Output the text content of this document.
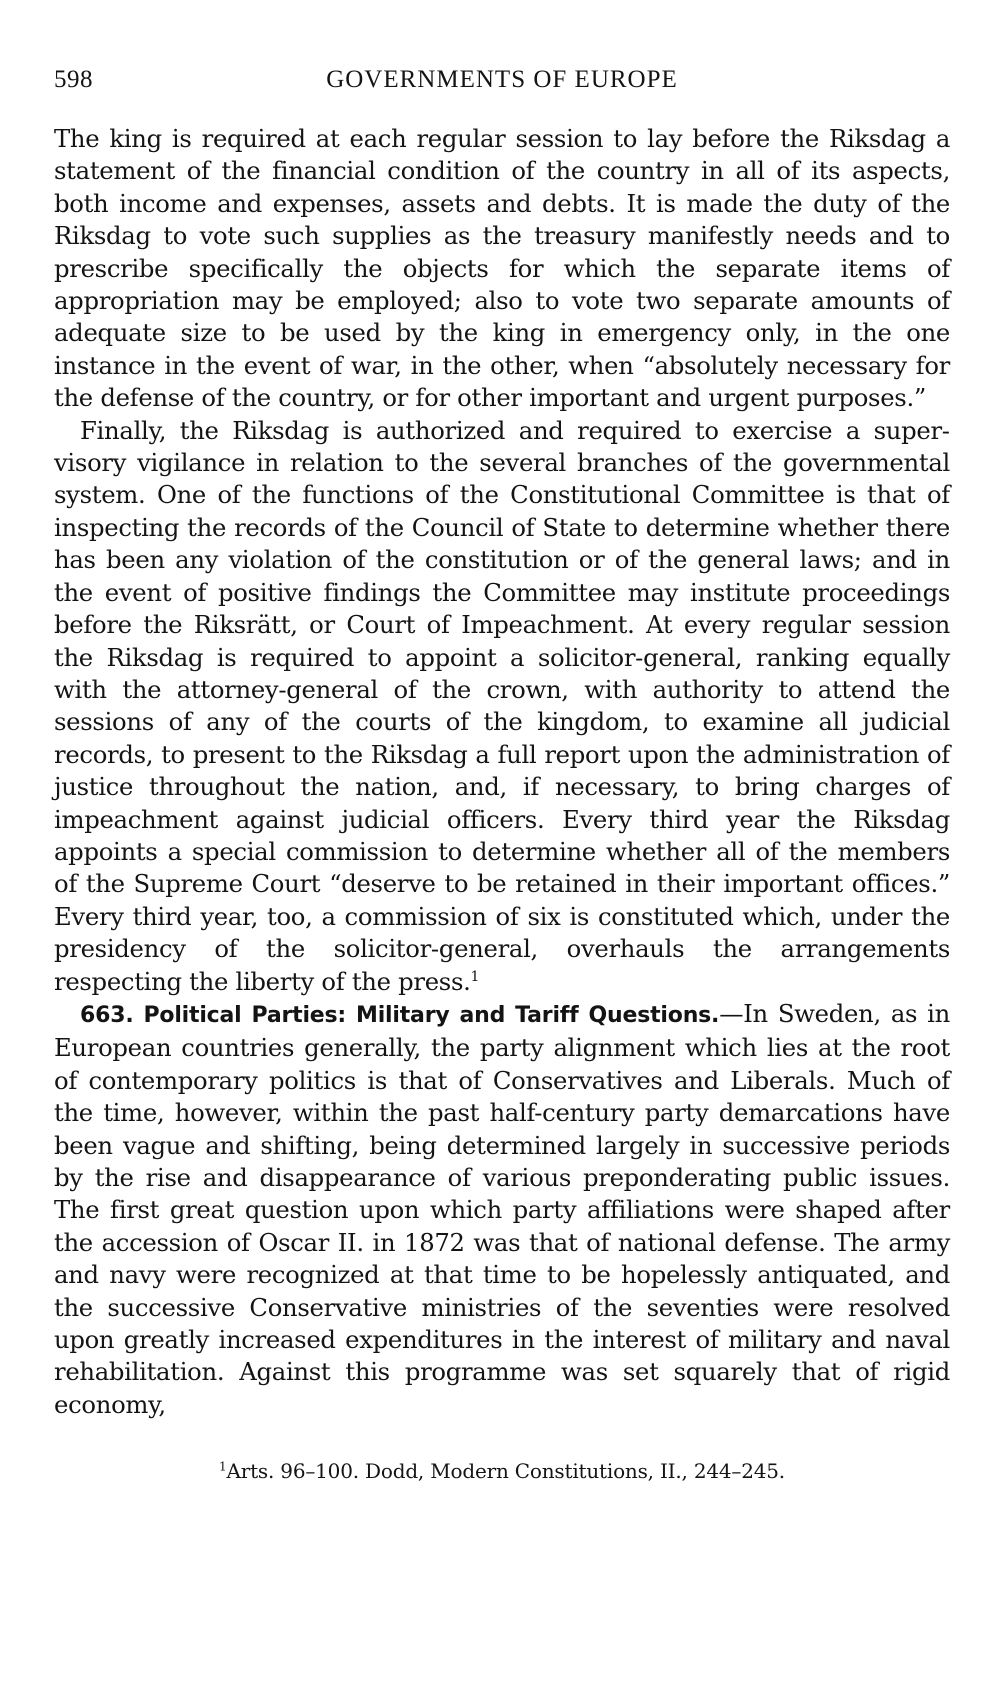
598	GOVERNMENTS OF EUROPE

The king is required at each regular session to lay before the Riksdag a statement of the financial condition of the country in all of its aspects, both income and expenses, assets and debts. It is made the duty of the Riksdag to vote such supplies as the treasury manifestly needs and to prescribe specifically the objects for which the separate items of appropriation may be employed; also to vote two separate amounts of adequate size to be used by the king in emergency only, in the one instance in the event of war, in the other, when “absolutely necessary for the defense of the country, or for other important and urgent purposes.”

Finally, the Riksdag is authorized and required to exercise a supervisory vigilance in relation to the several branches of the governmental system. One of the functions of the Constitutional Committee is that of inspecting the records of the Council of State to determine whether there has been any violation of the constitution or of the general laws; and in the event of positive findings the Committee may institute proceedings before the Riksrätt, or Court of Impeachment. At every regular session the Riksdag is required to appoint a solicitor-general, ranking equally with the attorney-general of the crown, with authority to attend the sessions of any of the courts of the kingdom, to examine all judicial records, to present to the Riksdag a full report upon the administration of justice throughout the nation, and, if necessary, to bring charges of impeachment against judicial officers. Every third year the Riksdag appoints a special commission to determine whether all of the members of the Supreme Court “deserve to be retained in their important offices.” Every third year, too, a commission of six is constituted which, under the presidency of the solicitor-general, overhauls the arrangements respecting the liberty of the press.$^1$

663. Political Parties: Military and Tariff Questions.—In Sweden, as in European countries generally, the party alignment which lies at the root of contemporary politics is that of Conservatives and Liberals. Much of the time, however, within the past half-century party demarcations have been vague and shifting, being determined largely in successive periods by the rise and disappearance of various preponderating public issues. The first great question upon which party affiliations were shaped after the accession of Oscar II. in 1872 was that of national defense. The army and navy were recognized at that time to be hopelessly antiquated, and the successive Conservative ministries of the seventies were resolved upon greatly increased expenditures in the interest of military and naval rehabilitation. Against this programme was set squarely that of rigid economy,

$^1$Arts. 96–100. Dodd, Modern Constitutions, II., 244–245.
